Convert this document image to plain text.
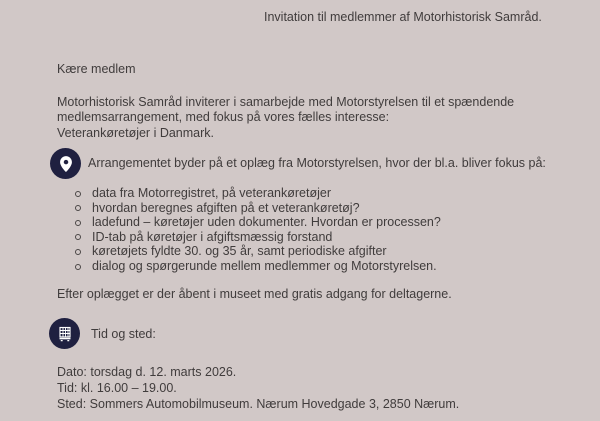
Invitation til medlemmer af Motorhistorisk Samråd.
Kære medlem
Motorhistorisk Samråd inviterer i samarbejde med Motorstyrelsen til et spændende
medlemsarrangement, med fokus på vores fælles interesse:
Veterankøretøjer i Danmark.
Arrangementet byder på et oplæg fra Motorstyrelsen, hvor der bl.a. bliver fokus på:
data fra Motorregistret, på veterankøretøjer
hvordan beregnes afgiften på et veterankøretøj?
ladefund – køretøjer uden dokumenter. Hvordan er processen?
ID-tab på køretøjer i afgiftsmæssig forstand
køretøjets fyldte 30. og 35 år, samt periodiske afgifter
dialog og spørgerunde mellem medlemmer og Motorstyrelsen.
Efter oplægget er der åbent i museet med gratis adgang for deltagerne.
Tid og sted:
Dato: torsdag d. 12. marts 2026.
Tid: kl. 16.00 – 19.00.
Sted: Sommers Automobilmuseum. Nærum Hovedgade 3, 2850 Nærum.
